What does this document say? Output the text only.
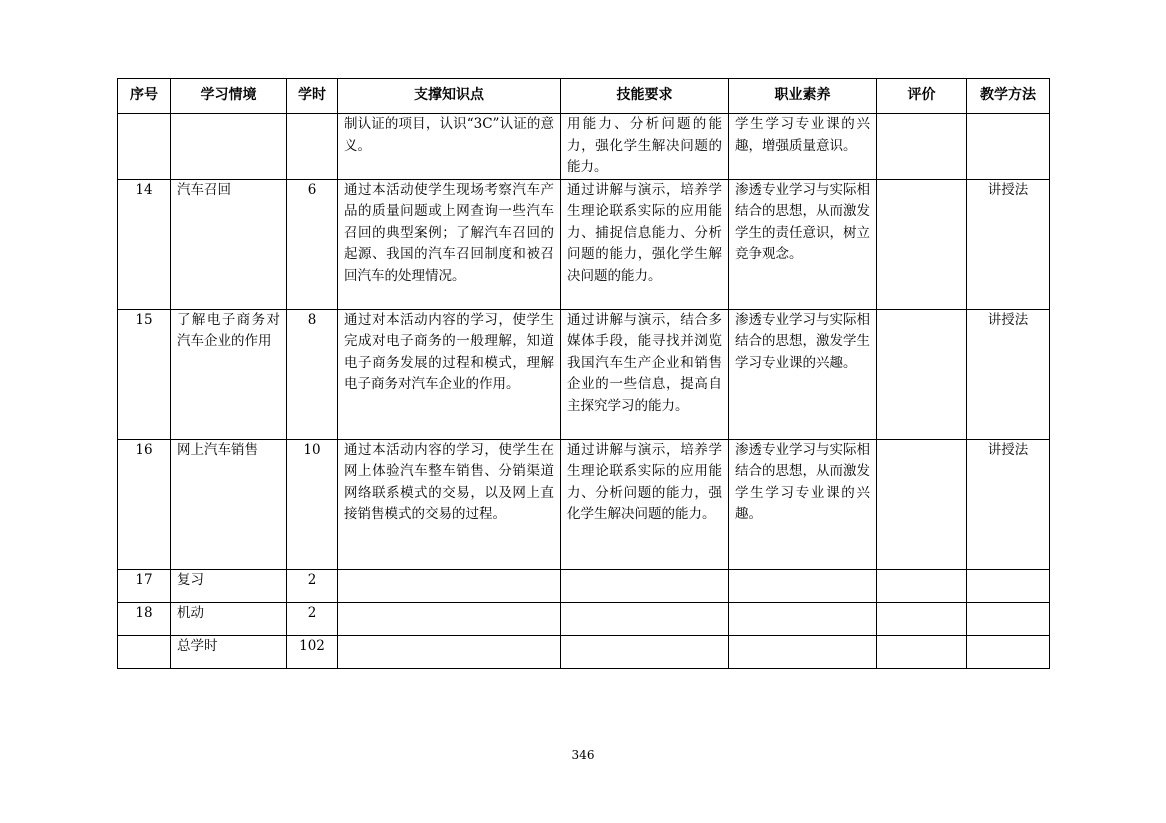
序号	学习情境	学时	支撑知识点	技能要求	职业素养	评价	教学方法
			制认证的项目，认识“3C”认证的意义。	用能力、分析问题的能力，强化学生解决问题的能力。	学生学习专业课的兴趣，增强质量意识。		
14	汽车召回	6	通过本活动使学生现场考察汽车产品的质量问题或上网查询一些汽车召回的典型案例；了解汽车召回的起源、我国的汽车召回制度和被召回汽车的处理情况。	通过讲解与演示，培养学生理论联系实际的应用能力、捕捉信息能力、分析问题的能力，强化学生解决问题的能力。	渗透专业学习与实际相结合的思想，从而激发学生的责任意识，树立竞争观念。		讲授法
15	了解电子商务对汽车企业的作用	8	通过对本活动内容的学习，使学生完成对电子商务的一般理解，知道电子商务发展的过程和模式，理解电子商务对汽车企业的作用。	通过讲解与演示，结合多媒体手段，能寻找并浏览我国汽车生产企业和销售企业的一些信息，提高自主探究学习的能力。	渗透专业学习与实际相结合的思想，激发学生学习专业课的兴趣。		讲授法
16	网上汽车销售	10	通过本活动内容的学习，使学生在网上体验汽车整车销售、分销渠道网络联系模式的交易，以及网上直接销售模式的交易的过程。	通过讲解与演示，培养学生理论联系实际的应用能力、分析问题的能力，强化学生解决问题的能力。	渗透专业学习与实际相结合的思想，从而激发学生学习专业课的兴趣。		讲授法
17	复习	2					
18	机动	2					
	总学时	102					
346
